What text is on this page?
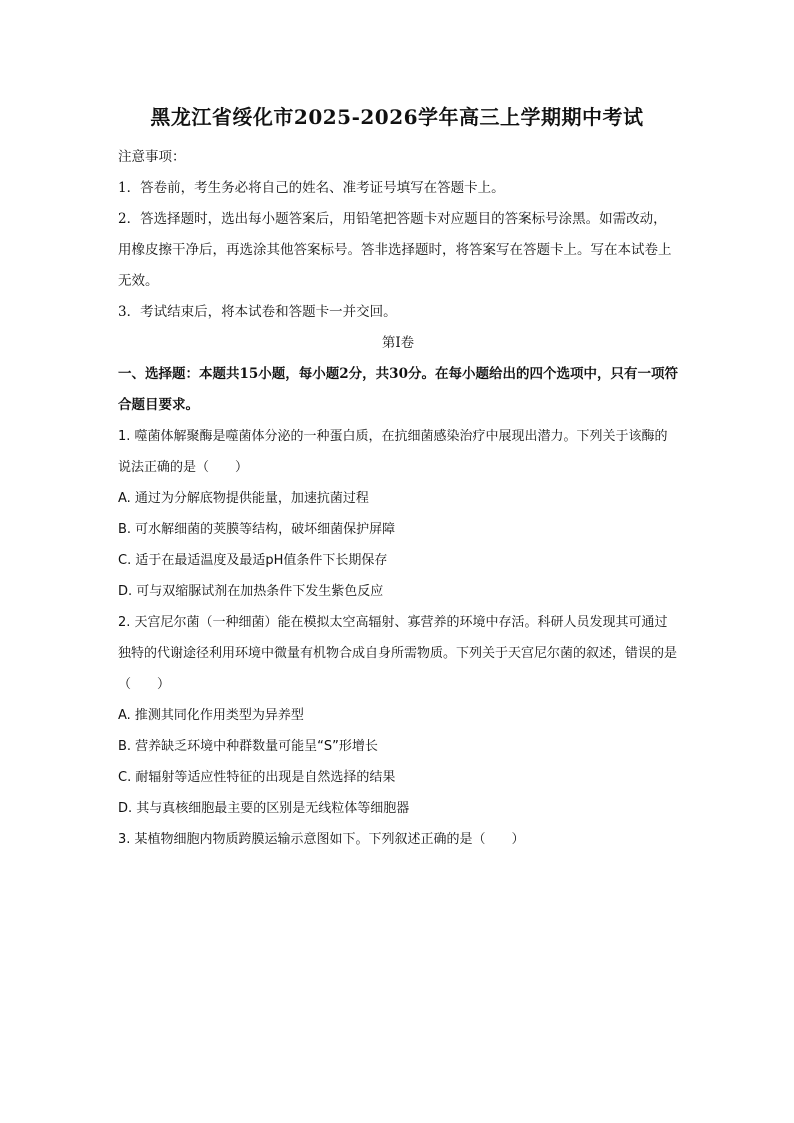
黑龙江省绥化市2025-2026学年高三上学期期中考试
注意事项：
1．答卷前，考生务必将自己的姓名、准考证号填写在答题卡上。
2．答选择题时，选出每小题答案后，用铅笔把答题卡对应题目的答案标号涂黑。如需改动，用橡皮擦干净后，再选涂其他答案标号。答非选择题时，将答案写在答题卡上。写在本试卷上无效。
3．考试结束后，将本试卷和答题卡一并交回。
第Ⅰ卷
一、选择题：本题共15小题，每小题2分，共30分。在每小题给出的四个选项中，只有一项符合题目要求。
1. 噬菌体解聚酶是噬菌体分泌的一种蛋白质，在抗细菌感染治疗中展现出潜力。下列关于该酶的说法正确的是（　　）
A. 通过为分解底物提供能量，加速抗菌过程
B. 可水解细菌的荚膜等结构，破坏细菌保护屏障
C. 适于在最适温度及最适pH值条件下长期保存
D. 可与双缩脲试剂在加热条件下发生紫色反应
2. 天宫尼尔菌（一种细菌）能在模拟太空高辐射、寡营养的环境中存活。科研人员发现其可通过独特的代谢途径利用环境中微量有机物合成自身所需物质。下列关于天宫尼尔菌的叙述，错误的是（　　）
A. 推测其同化作用类型为异养型
B. 营养缺乏环境中种群数量可能呈“S”形增长
C. 耐辐射等适应性特征的出现是自然选择的结果
D. 其与真核细胞最主要的区别是无线粒体等细胞器
3. 某植物细胞内物质跨膜运输示意图如下。下列叙述正确的是（　　）
